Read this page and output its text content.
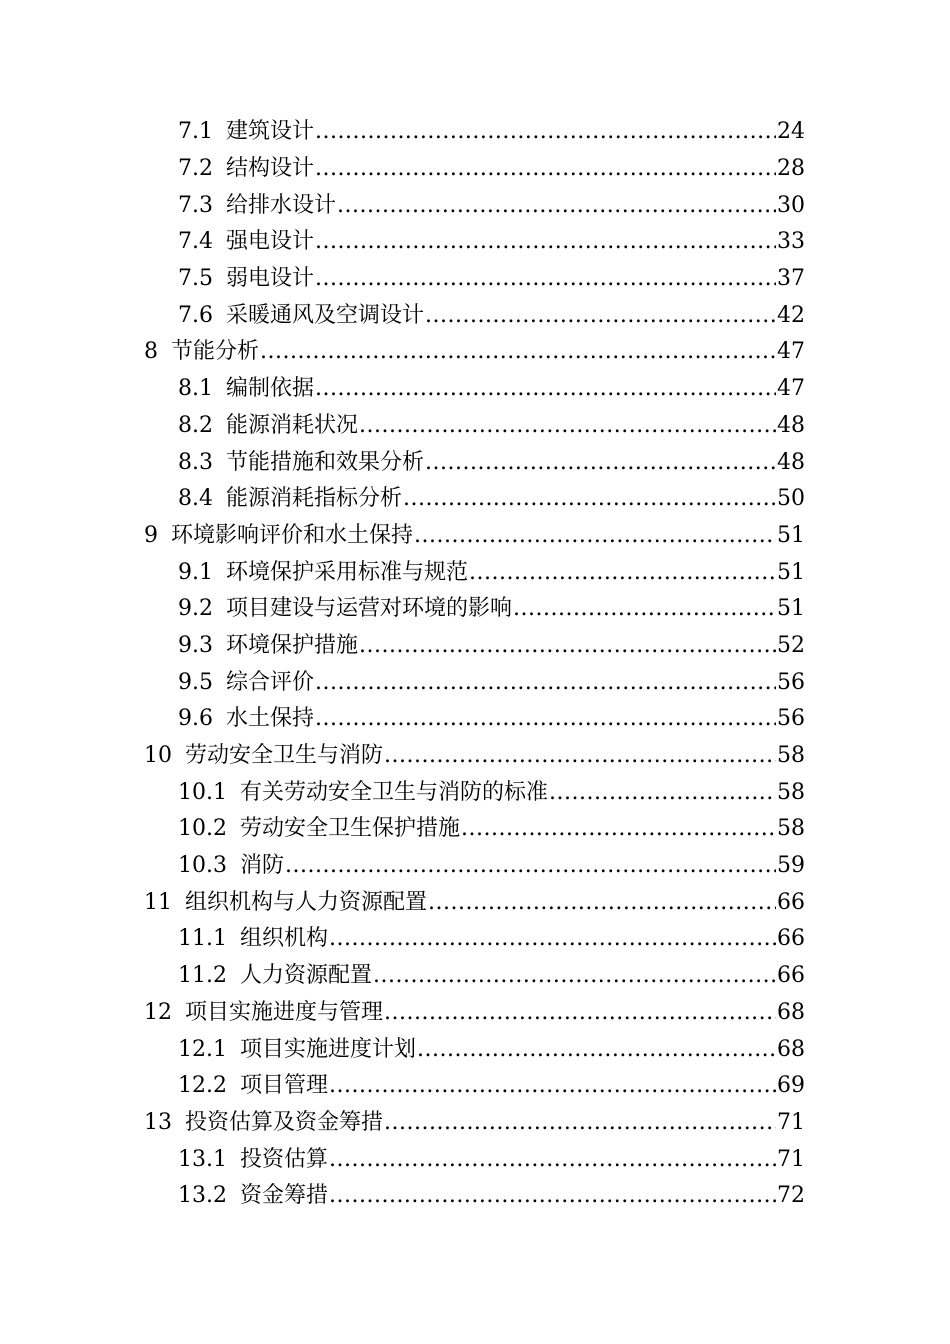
7.1 建筑设计 .....	24
7.2 结构设计 .....	28
7.3 给排水设计 .....	30
7.4 强电设计 .....	33
7.5 弱电设计 .....	37
7.6 采暖通风及空调设计 .....	42
8 节能分析 .....	47
8.1 编制依据 .....	47
8.2 能源消耗状况 .....	48
8.3 节能措施和效果分析 .....	48
8.4 能源消耗指标分析 .....	50
9 环境影响评价和水土保持 .....	51
9.1 环境保护采用标准与规范 .....	51
9.2 项目建设与运营对环境的影响 .....	51
9.3 环境保护措施 .....	52
9.5 综合评价 .....	56
9.6 水土保持 .....	56
10 劳动安全卫生与消防 .....	58
10.1 有关劳动安全卫生与消防的标准 .....	58
10.2 劳动安全卫生保护措施 .....	58
10.3 消防 .....	59
11 组织机构与人力资源配置 .....	66
11.1 组织机构 .....	66
11.2 人力资源配置 .....	66
12 项目实施进度与管理 .....	68
12.1 项目实施进度计划 .....	68
12.2 项目管理 .....	69
13 投资估算及资金筹措 .....	71
13.1 投资估算 .....	71
13.2 资金筹措 .....	72
